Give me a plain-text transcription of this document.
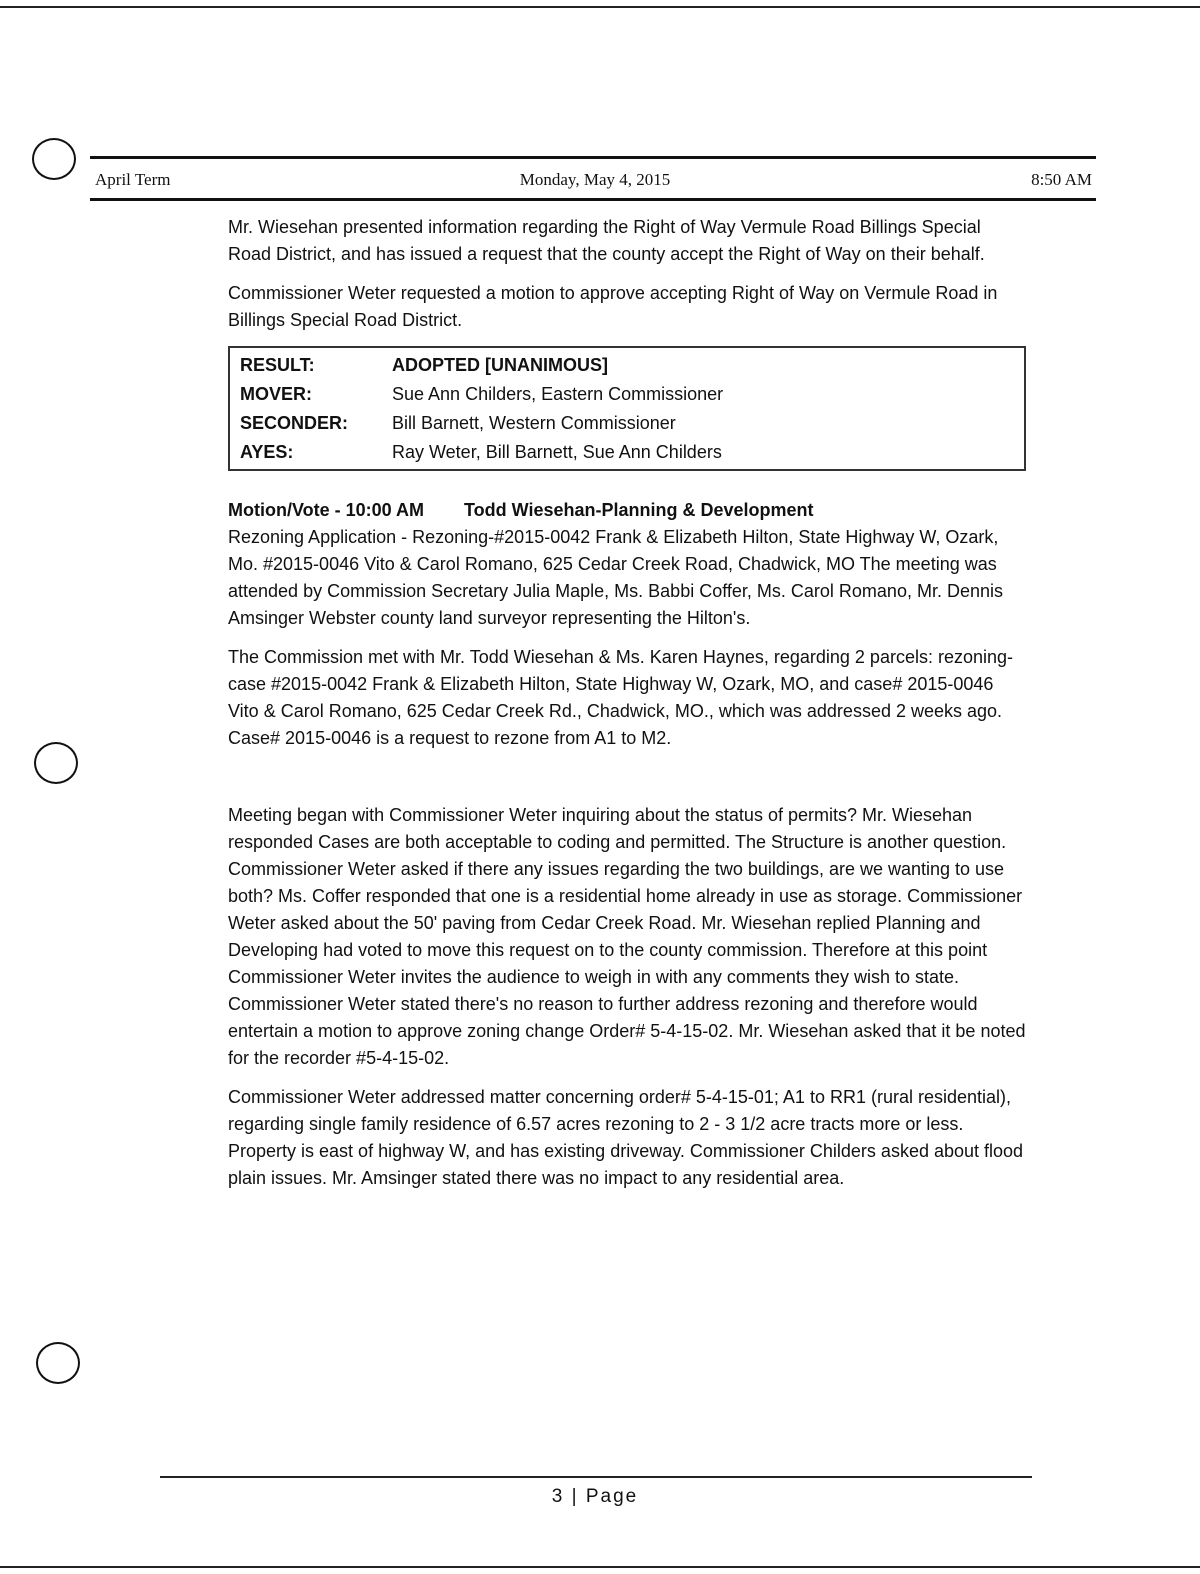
April Term	Monday, May 4, 2015	8:50 AM

Mr. Wiesehan presented information regarding the Right of Way Vermule Road Billings Special Road District, and has issued a request that the county accept the Right of Way on their behalf.

Commissioner Weter requested a motion to approve accepting Right of Way on Vermule Road in Billings Special Road District.

RESULT:	ADOPTED [UNANIMOUS]
MOVER:	Sue Ann Childers, Eastern Commissioner
SECONDER:	Bill Barnett, Western Commissioner
AYES:	Ray Weter, Bill Barnett, Sue Ann Childers

Motion/Vote - 10:00 AM Todd Wiesehan-Planning & Development

Rezoning Application - Rezoning-#2015-0042 Frank & Elizabeth Hilton, State Highway W, Ozark, Mo. #2015-0046 Vito & Carol Romano, 625 Cedar Creek Road, Chadwick, MO The meeting was attended by Commission Secretary Julia Maple, Ms. Babbi Coffer, Ms. Carol Romano, Mr. Dennis Amsinger Webster county land surveyor representing the Hilton's.

The Commission met with Mr. Todd Wiesehan & Ms. Karen Haynes, regarding 2 parcels: rezoning-case #2015-0042 Frank & Elizabeth Hilton, State Highway W, Ozark, MO, and case# 2015-0046 Vito & Carol Romano, 625 Cedar Creek Rd., Chadwick, MO., which was addressed 2 weeks ago. Case# 2015-0046 is a request to rezone from A1 to M2.

Meeting began with Commissioner Weter inquiring about the status of permits? Mr. Wiesehan responded Cases are both acceptable to coding and permitted. The Structure is another question. Commissioner Weter asked if there any issues regarding the two buildings, are we wanting to use both? Ms. Coffer responded that one is a residential home already in use as storage. Commissioner Weter asked about the 50' paving from Cedar Creek Road. Mr. Wiesehan replied Planning and Developing had voted to move this request on to the county commission. Therefore at this point Commissioner Weter invites the audience to weigh in with any comments they wish to state. Commissioner Weter stated there's no reason to further address rezoning and therefore would entertain a motion to approve zoning change Order# 5-4-15-02. Mr. Wiesehan asked that it be noted for the recorder #5-4-15-02.

Commissioner Weter addressed matter concerning order# 5-4-15-01; A1 to RR1 (rural residential), regarding single family residence of 6.57 acres rezoning to 2 - 3 1/2 acre tracts more or less. Property is east of highway W, and has existing driveway. Commissioner Childers asked about flood plain issues. Mr. Amsinger stated there was no impact to any residential area.

3 | Page
